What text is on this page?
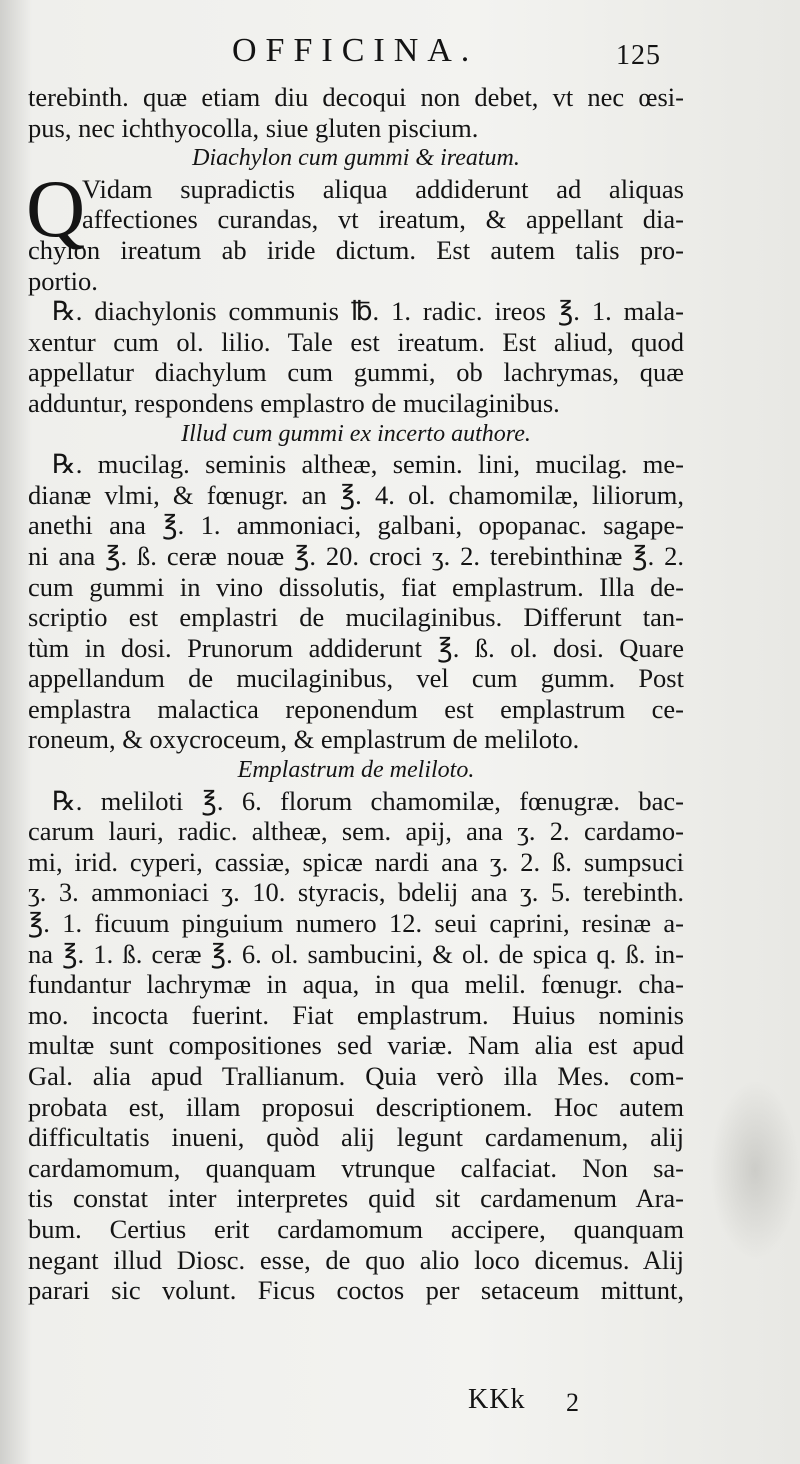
OFFICINA.	125
terebinth. quæ etiam diu decoqui non debet, vt nec œsi-
pus, nec ichthyocolla, siue gluten piscium.
Diachylon cum gummi & ireatum.
Q
Vidam supradictis aliqua addiderunt ad aliquas
affectiones curandas, vt ireatum, & appellant dia-
chylon ireatum ab iride dictum. Est autem talis pro-
portio.
℞. diachylonis communis ℔. 1. radic. ireos ℥. 1. mala-
xentur cum ol. lilio. Tale est ireatum. Est aliud, quod
appellatur diachylum cum gummi, ob lachrymas, quæ
adduntur, respondens emplastro de mucilaginibus.
Illud cum gummi ex incerto authore.
℞. mucilag. seminis altheæ, semin. lini, mucilag. me-
dianæ vlmi, & fœnugr. an ℥. 4. ol. chamomilæ, liliorum,
anethi ana ℥. 1. ammoniaci, galbani, opopanac. sagape-
ni ana ℥. ß. ceræ nouæ ℥. 20. croci ʒ. 2. terebinthinæ ℥. 2.
cum gummi in vino dissolutis, fiat emplastrum. Illa de-
scriptio est emplastri de mucilaginibus. Differunt tan-
tùm in dosi. Prunorum addiderunt ℥. ß. ol. dosi. Quare
appellandum de mucilaginibus, vel cum gumm. Post
emplastra malactica reponendum est emplastrum ce-
roneum, & oxycroceum, & emplastrum de meliloto.
Emplastrum de meliloto.
℞. meliloti ℥. 6. florum chamomilæ, fœnugræ. bac-
carum lauri, radic. altheæ, sem. apij, ana ʒ. 2. cardamo-
mi, irid. cyperi, cassiæ, spicæ nardi ana ʒ. 2. ß. sumpsuci
ʒ. 3. ammoniaci ʒ. 10. styracis, bdelij ana ʒ. 5. terebinth.
℥. 1. ficuum pinguium numero 12. seui caprini, resinæ a-
na ℥. 1. ß. ceræ ℥. 6. ol. sambucini, & ol. de spica q. ß. in-
fundantur lachrymæ in aqua, in qua melil. fœnugr. cha-
mo. incocta fuerint. Fiat emplastrum. Huius nominis
multæ sunt compositiones sed variæ. Nam alia est apud
Gal. alia apud Trallianum. Quia verò illa Mes. com-
probata est, illam proposui descriptionem. Hoc autem
difficultatis inueni, quòd alij legunt cardamenum, alij
cardamomum, quanquam vtrunque calfaciat. Non sa-
tis constat inter interpretes quid sit cardamenum Ara-
bum. Certius erit cardamomum accipere, quanquam
negant illud Diosc. esse, de quo alio loco dicemus. Alij
parari sic volunt. Ficus coctos per setaceum mittunt,
KKk 2
